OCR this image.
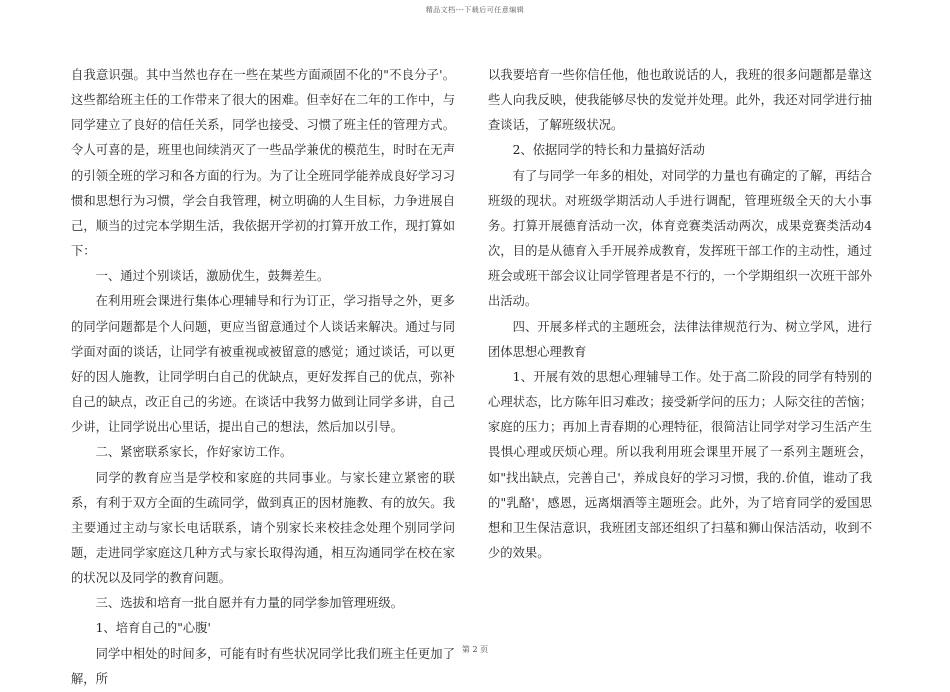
精品文档---下载后可任意编辑

自我意识强。其中当然也存在一些在某些方面顽固不化的"不良分子'。这些都给班主任的工作带来了很大的困难。但幸好在二年的工作中，与同学建立了良好的信任关系，同学也接受、习惯了班主任的管理方式。令人可喜的是，班里也间续消灭了一些品学兼优的模范生，时时在无声的引领全班的学习和各方面的行为。为了让全班同学能养成良好学习习惯和思想行为习惯，学会自我管理，树立明确的人生目标，力争进展自己，顺当的过完本学期生活，我依据开学初的打算开放工作，现打算如下：

一、通过个别谈话，激励优生，鼓舞差生。

在利用班会课进行集体心理辅导和行为订正，学习指导之外，更多的同学问题都是个人问题，更应当留意通过个人谈话来解决。通过与同学面对面的谈话，让同学有被重视或被留意的感觉；通过谈话，可以更好的因人施教，让同学明白自己的优缺点，更好发挥自己的优点，弥补自己的缺点，改正自己的劣迹。在谈话中我努力做到让同学多讲，自己少讲，让同学说出心里话，提出自己的想法，然后加以引导。

二、紧密联系家长，作好家访工作。

同学的教育应当是学校和家庭的共同事业。与家长建立紧密的联系，有利于双方全面的生疏同学，做到真正的因材施教、有的放矢。我主要通过主动与家长电话联系，请个别家长来校挂念处理个别同学问题，走进同学家庭这几种方式与家长取得沟通，相互沟通同学在校在家的状况以及同学的教育问题。

三、选拔和培育一批自愿并有力量的同学参加管理班级。

1、培育自己的"心腹'

同学中相处的时间多，可能有时有些状况同学比我们班主任更加了解，所

以我要培育一些你信任他，他也敢说话的人，我班的很多问题都是靠这些人向我反映，使我能够尽快的发觉并处理。此外，我还对同学进行抽查谈话，了解班级状况。

2、依据同学的特长和力量搞好活动

有了与同学一年多的相处，对同学的力量也有确定的了解，再结合班级的现状。对班级学期活动人手进行调配，管理班级全天的大小事务。打算开展德育活动一次，体育竞赛类活动两次，成果竞赛类活动4次，目的是从德育入手开展养成教育，发挥班干部工作的主动性，通过班会或班干部会议让同学管理者是不行的，一个学期组织一次班干部外出活动。

四、开展多样式的主题班会，法律法律规范行为、树立学风，进行团体思想心理教育

1、开展有效的思想心理辅导工作。处于高二阶段的同学有特别的心理状态，比方陈年旧习难改；接受新学问的压力；人际交往的苦恼；家庭的压力；再加上青春期的心理特征，很简洁让同学对学习生活产生畏惧心理或厌烦心理。所以我利用班会课里开展了一系列主题班会，如"找出缺点，完善自己'，养成良好的学习习惯，我的.价值，谁动了我的"乳酪'，感恩，远离烟酒等主题班会。此外，为了培育同学的爱国思想和卫生保洁意识，我班团支部还组织了扫墓和狮山保洁活动，收到不少的效果。

第 2 页
